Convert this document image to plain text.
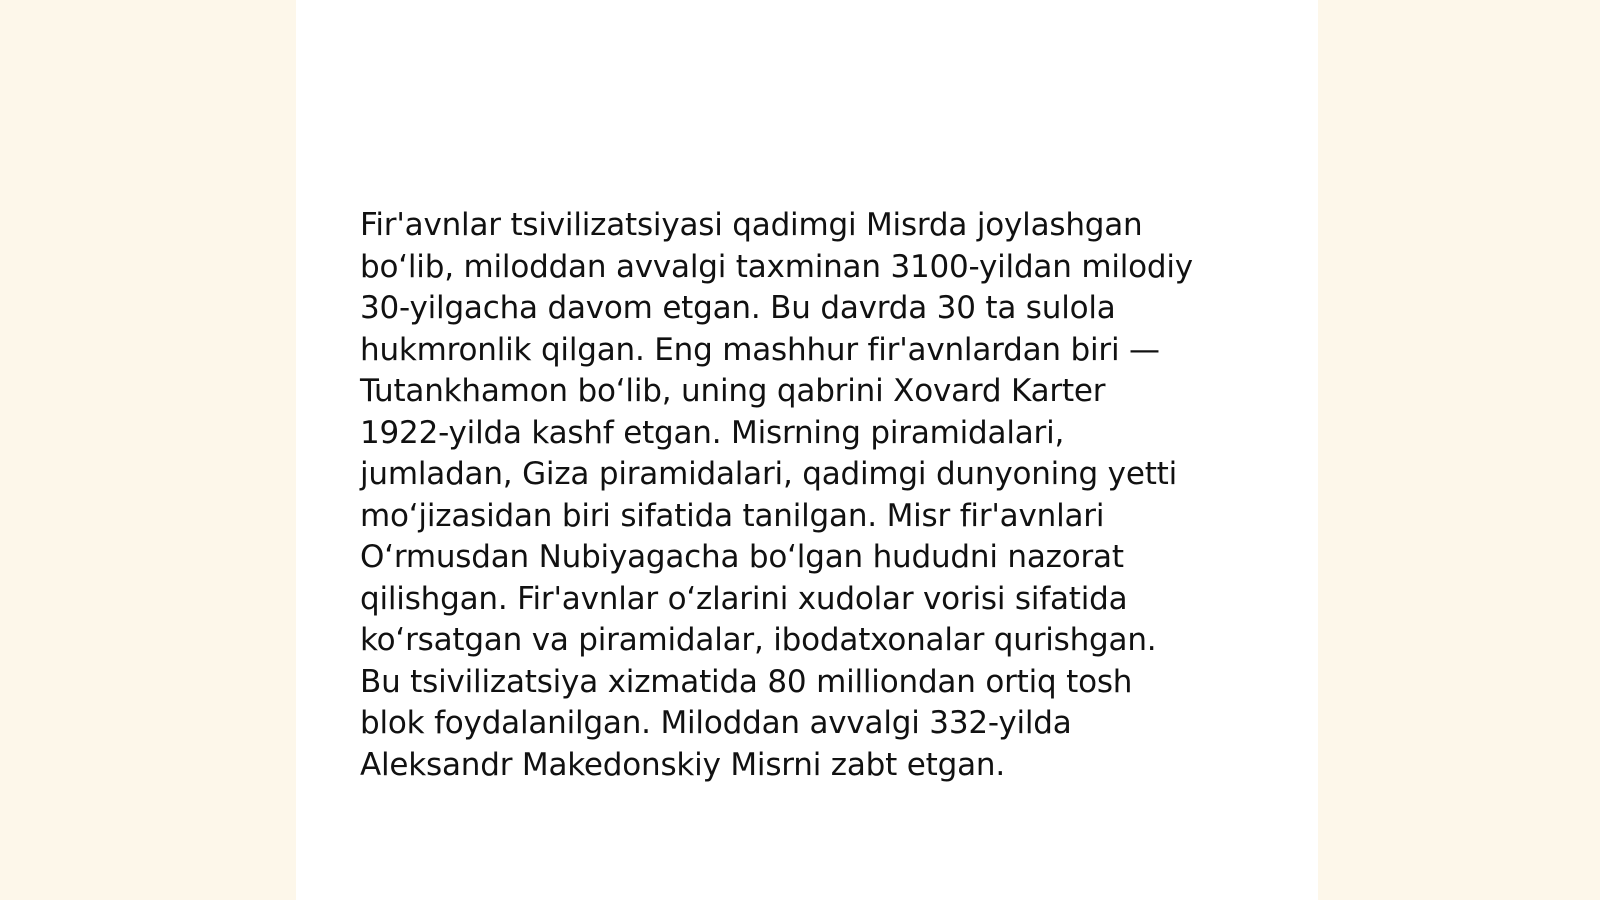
Fir'avnlar tsivilizatsiyasi qadimgi Misrda joylashgan
boʻlib, miloddan avvalgi taxminan 3100-yildan milodiy
30-yilgacha davom etgan. Bu davrda 30 ta sulola
hukmronlik qilgan. Eng mashhur fir'avnlardan biri —
Tutankhamon boʻlib, uning qabrini Xovard Karter
1922-yilda kashf etgan. Misrning piramidalari,
jumladan, Giza piramidalari, qadimgi dunyoning yetti
moʻjizasidan biri sifatida tanilgan. Misr fir'avnlari
Oʻrmusdan Nubiyagacha boʻlgan hududni nazorat
qilishgan. Fir'avnlar oʻzlarini xudolar vorisi sifatida
koʻrsatgan va piramidalar, ibodatxonalar qurishgan.
Bu tsivilizatsiya xizmatida 80 milliondan ortiq tosh
blok foydalanilgan. Miloddan avvalgi 332-yilda
Aleksandr Makedonskiy Misrni zabt etgan.
